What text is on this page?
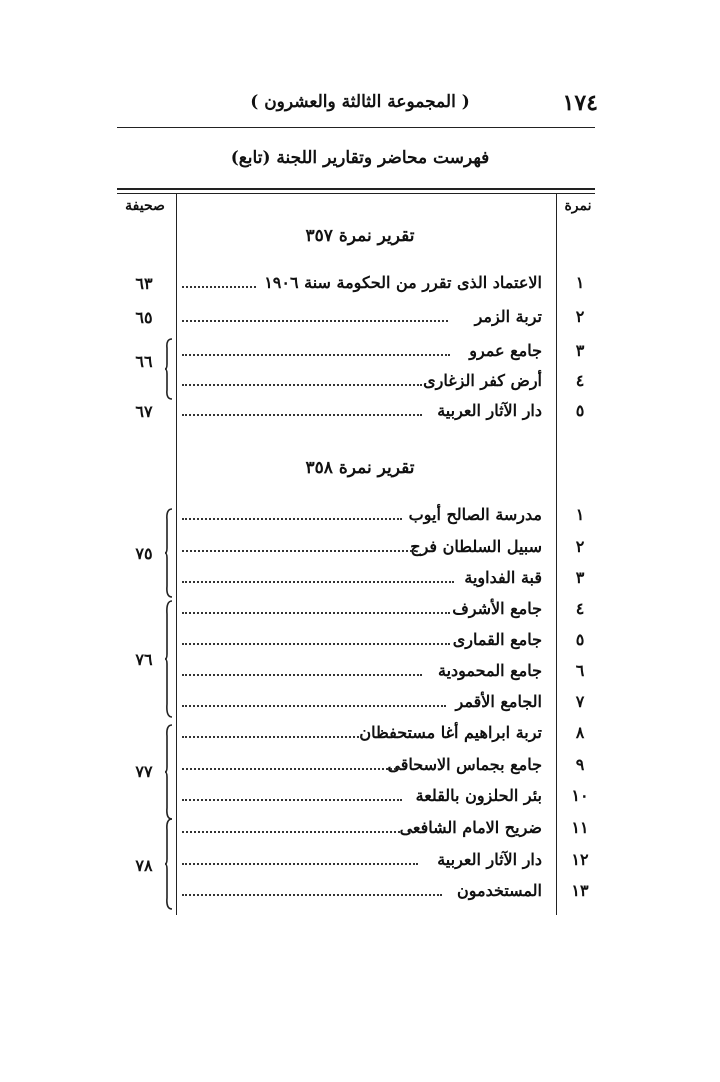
١٧٤
( المجموعة الثالثة والعشرون )
(تابع) فهرست محاضر وتقارير اللجنة
صحيفة	نمرة
تقرير نمرة ٣٥٧
١
الاعتماد الذى تقرر من الحكومة سنة ١٩٠٦
٢
تربة الزمر
٣
جامع عمرو
٤
أرض كفر الزغارى
٥
دار الآثار العربية
٦٣
٦٥
٦٦
٦٧
تقرير نمرة ٣٥٨
١
مدرسة الصالح أيوب
٢
سبيل السلطان فرج
٣
قبة الفداوية
٤
جامع الأشرف
٥
جامع القمارى
٦
جامع المحمودية
٧
الجامع الأقمر
٨
تربة ابراهيم أغا مستحفظان
٩
جامع بجماس الاسحاقى
١٠
بئر الحلزون بالقلعة
١١
ضريح الامام الشافعى
١٢
دار الآثار العربية
١٣
المستخدمون
٧٥
٧٦
٧٧
٧٨
